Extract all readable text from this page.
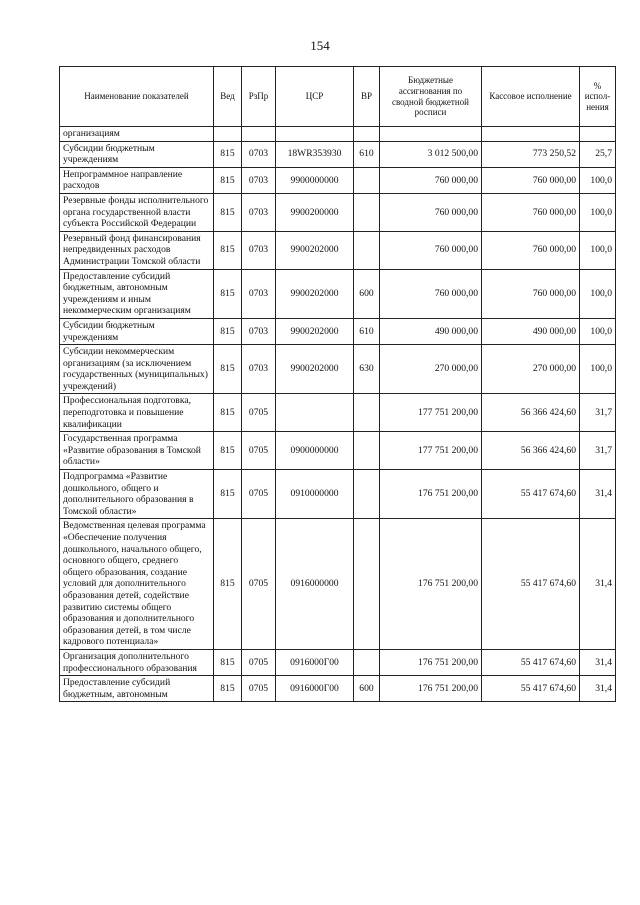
154
Наименование показателей	Вед	РзПр	ЦСР	ВР	Бюджетные ассигнования по сводной бюджетной росписи	Кассовое исполнение	% испол-нения
организациям							
Субсидии бюджетным учреждениям	815	0703	18WR353930	610	3 012 500,00	773 250,52	25,7
Непрограммное направление расходов	815	0703	9900000000		760 000,00	760 000,00	100,0
Резервные фонды исполнительного органа государственной власти субъекта Российской Федерации	815	0703	9900200000		760 000,00	760 000,00	100,0
Резервный фонд финансирования непредвиденных расходов Администрации Томской области	815	0703	9900202000		760 000,00	760 000,00	100,0
Предоставление субсидий бюджетным, автономным учреждениям и иным некоммерческим организациям	815	0703	9900202000	600	760 000,00	760 000,00	100,0
Субсидии бюджетным учреждениям	815	0703	9900202000	610	490 000,00	490 000,00	100,0
Субсидии некоммерческим организациям (за исключением государственных (муниципальных) учреждений)	815	0703	9900202000	630	270 000,00	270 000,00	100,0
Профессиональная подготовка, переподготовка и повышение квалификации	815	0705			177 751 200,00	56 366 424,60	31,7
Государственная программа «Развитие образования в Томской области»	815	0705	0900000000		177 751 200,00	56 366 424,60	31,7
Подпрограмма «Развитие дошкольного, общего и дополнительного образования в Томской области»	815	0705	0910000000		176 751 200,00	55 417 674,60	31,4
Ведомственная целевая программа «Обеспечение получения дошкольного, начального общего, основного общего, среднего общего образования, создание условий для дополнительного образования детей, содействие развитию системы общего образования и дополнительного образования детей, в том числе кадрового потенциала»	815	0705	0916000000		176 751 200,00	55 417 674,60	31,4
Организация дополнительного профессионального образования	815	0705	0916000Г00		176 751 200,00	55 417 674,60	31,4
Предоставление субсидий бюджетным, автономным	815	0705	0916000Г00	600	176 751 200,00	55 417 674,60	31,4
